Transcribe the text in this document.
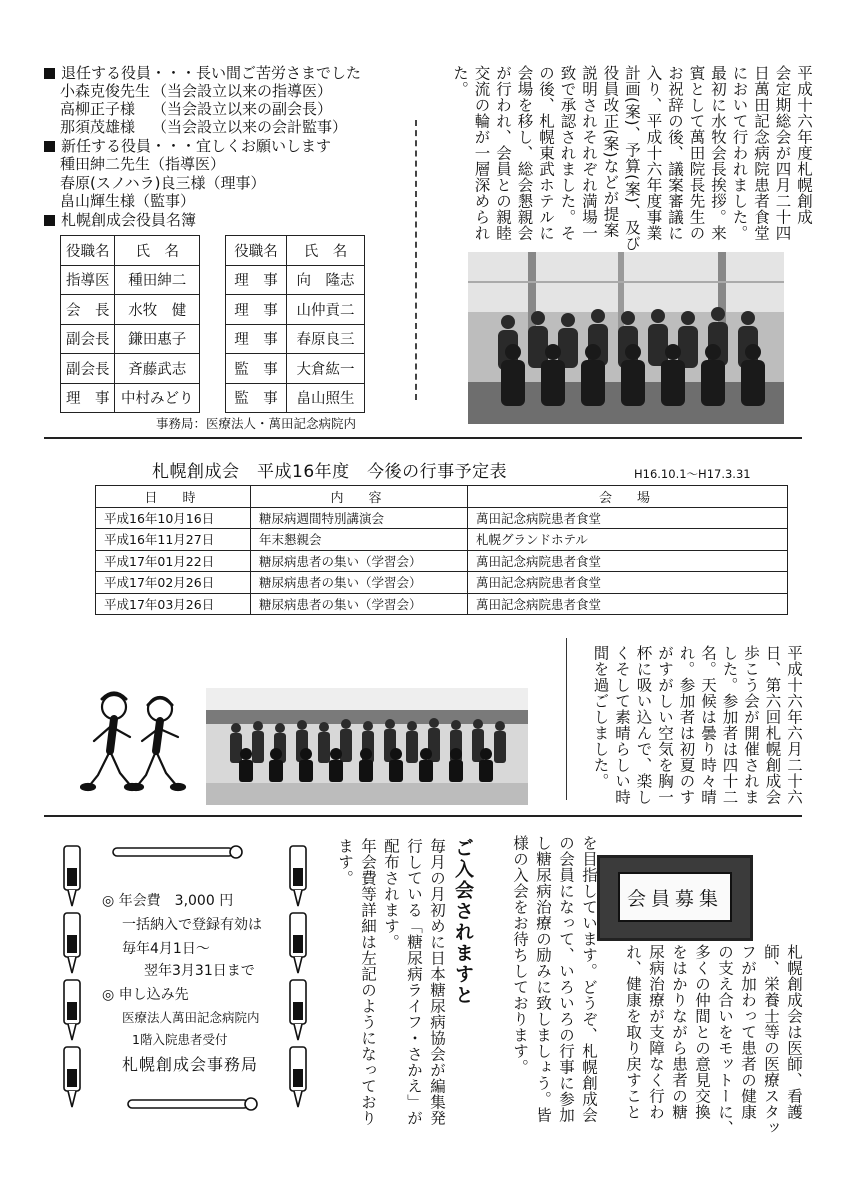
退任する役員・・・長い間ご苦労さまでした
小森克俊先生 （当会設立以来の指導医）
高柳正子様 （当会設立以来の副会長）
那須茂雄様 （当会設立以来の会計監事）
新任する役員・・・宜しくお願いします
種田紳二先生（指導医）
春原(スノハラ)良三様（理事）
畠山輝生様（監事）
札幌創成会役員名簿
役職名	氏　名
指導医	種田紳二
会　長	水牧　健
副会長	鎌田惠子
副会長	斉藤武志
理　事	中村みどり
役職名	氏　名
理　事	向　隆志
理　事	山仲貢二
理　事	春原良三
監　事	大倉紘一
監　事	畠山照生
事務局：医療法人・萬田記念病院内
平成十六年度札幌創成
会定期総会が四月二十四
日萬田記念病院患者食堂
において行われました。
最初に水牧会長挨拶。来
賓として萬田院長先生の
お祝辞の後、議案審議に
入り、平成十六年度事業
計画(案)、予算(案)、及び
役員改正(案)などが提案
説明されそれぞれ満場一
致で承認されました。そ
の後、札幌東武ホテルに
会場を移し、総会懇親会
が行われ、会員との親睦
交流の輪が一層深められ
た。
札幌創成会　平成16年度　今後の行事予定表	H16.10.1〜H17.3.31
日　時	内　容	会　場
平成16年10月16日	糖尿病週間特別講演会	萬田記念病院患者食堂
平成16年11月27日	年末懇親会	札幌グランドホテル
平成17年01月22日	糖尿病患者の集い（学習会）	萬田記念病院患者食堂
平成17年02月26日	糖尿病患者の集い（学習会）	萬田記念病院患者食堂
平成17年03月26日	糖尿病患者の集い（学習会）	萬田記念病院患者食堂
平成十六年六月二十六
日、第六回札幌創成会
歩こう会が開催されま
した。参加者は四十二
名。天候は曇り時々晴
れ。参加者は初夏のす
がすがしい空気を胸一
杯に吸い込んで、楽し
くそして素晴らしい時
間を過ごしました。
会員募集
札幌創成会は医師、看護
師、栄養士等の医療スタッ
フが加わって患者の健康
の支え合いをモットーに、
多くの仲間との意見交換
をはかりながら患者の糖
尿病治療が支障なく行わ
れ、健康を取り戻すこと
を目指しています。どうぞ、札幌創成会
の会員になって、いろいろの行事に参加
し糖尿病治療の励みに致しましょう。皆
様の入会をお待ちしております。
ご入会されますと
毎月の月初めに日本糖尿病協会が編集発
行している「糖尿病ライフ・さかえ」が
配布されます。
年会費等詳細は左記のようになっており
ます。
◎ 年会費　3,000 円
一括納入で登録有効は
毎年4月1日〜
翌年3月31日まで
◎ 申し込み先
医療法人萬田記念病院内
1階入院患者受付
札幌創成会事務局
